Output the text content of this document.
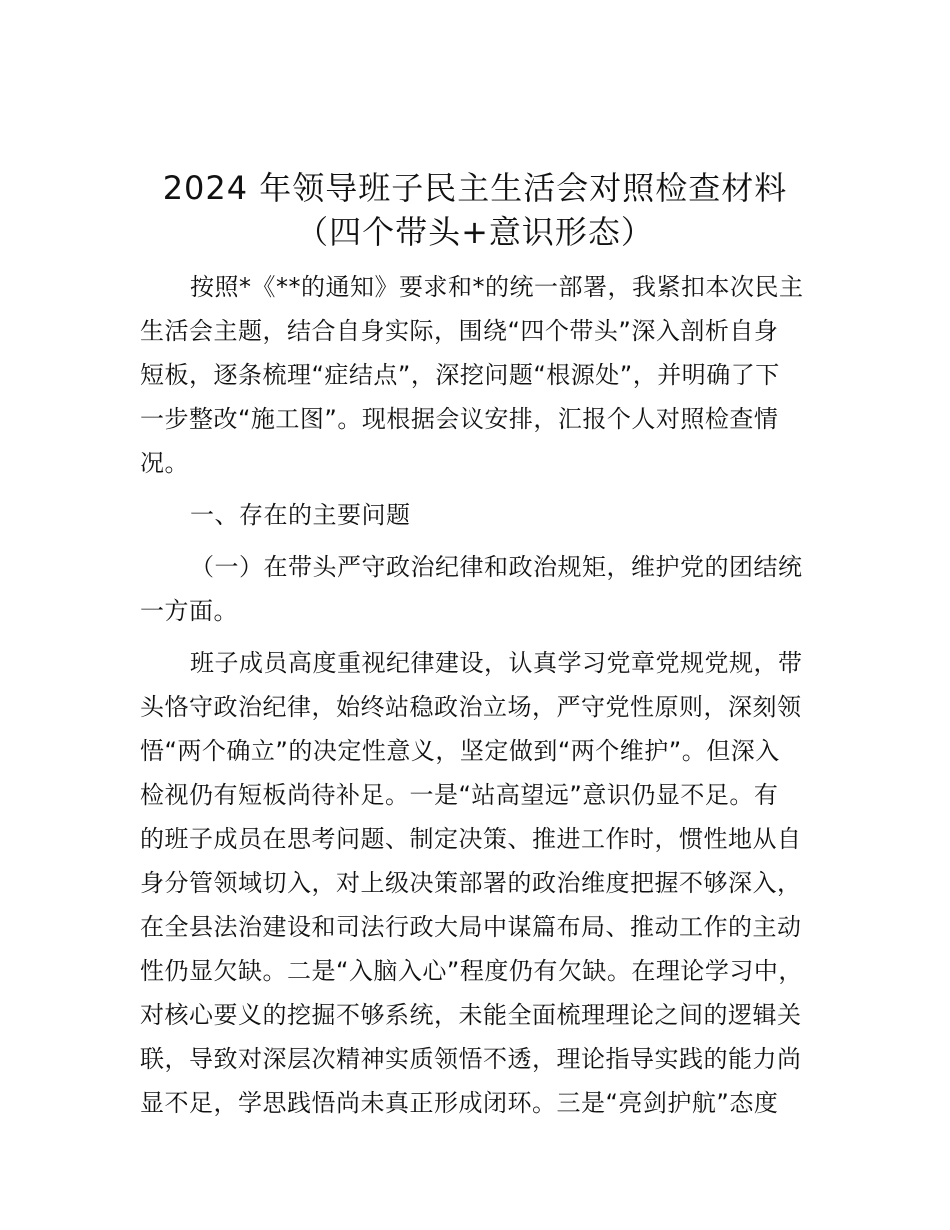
2024 年领导班子民主生活会对照检查材料
（四个带头+意识形态）
按照*《**的通知》要求和*的统一部署，我紧扣本次民主
生活会主题，结合自身实际，围绕“四个带头”深入剖析自身
短板，逐条梳理“症结点”，深挖问题“根源处”，并明确了下
一步整改“施工图”。现根据会议安排，汇报个人对照检查情
况。
一、存在的主要问题
（一）在带头严守政治纪律和政治规矩，维护党的团结统
一方面。
班子成员高度重视纪律建设，认真学习党章党规党规，带
头恪守政治纪律，始终站稳政治立场，严守党性原则，深刻领
悟“两个确立”的决定性意义，坚定做到“两个维护”。但深入
检视仍有短板尚待补足。一是“站高望远”意识仍显不足。有
的班子成员在思考问题、制定决策、推进工作时，惯性地从自
身分管领域切入，对上级决策部署的政治维度把握不够深入，
在全县法治建设和司法行政大局中谋篇布局、推动工作的主动
性仍显欠缺。二是“入脑入心”程度仍有欠缺。在理论学习中，
对核心要义的挖掘不够系统，未能全面梳理理论之间的逻辑关
联，导致对深层次精神实质领悟不透，理论指导实践的能力尚
显不足，学思践悟尚未真正形成闭环。三是“亮剑护航”态度
